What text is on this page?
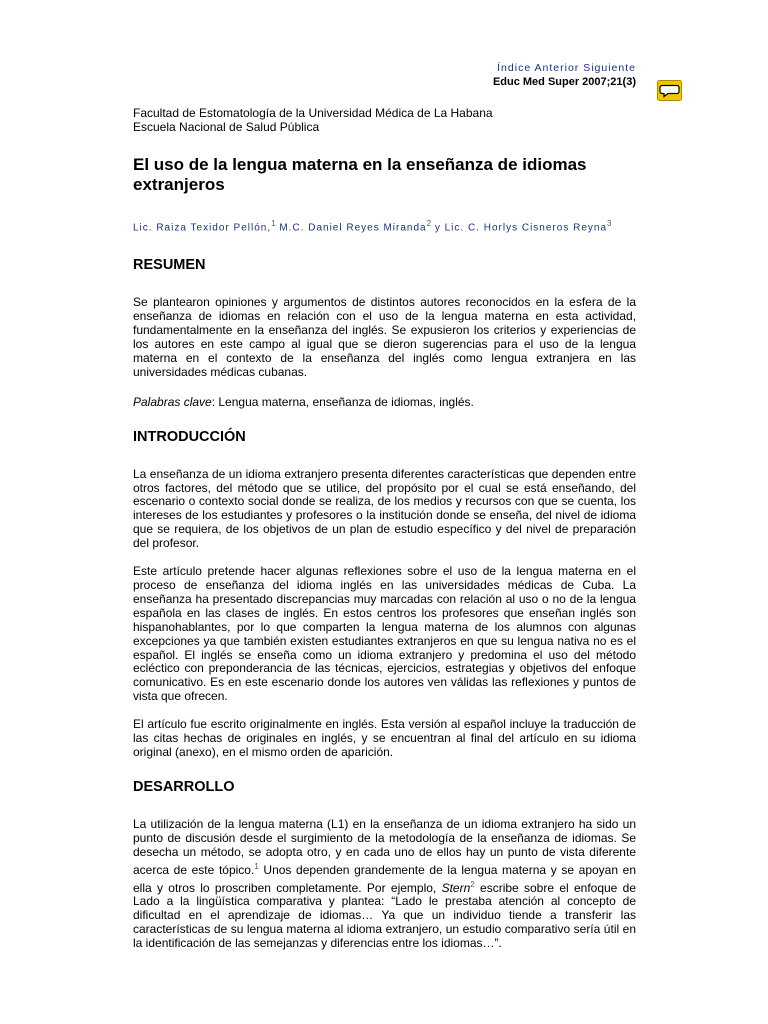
Índice Anterior Siguiente
Educ Med Super 2007;21(3)
Facultad de Estomatología de la Universidad Médica de La Habana
Escuela Nacional de Salud Pública
El uso de la lengua materna en la enseñanza de idiomas extranjeros
Lic. Raiza Texidor Pellón,$^1$ M.C. Daniel Reyes Miranda$^2$ y Lic. C. Horlys Cisneros Reyna$^3$
RESUMEN

Se plantearon opiniones y argumentos de distintos autores reconocidos en la esfera de la enseñanza de idiomas en relación con el uso de la lengua materna en esta actividad, fundamentalmente en la enseñanza del inglés. Se expusieron los criterios y experiencias de los autores en este campo al igual que se dieron sugerencias para el uso de la lengua materna en el contexto de la enseñanza del inglés como lengua extranjera en las universidades médicas cubanas.

Palabras clave: Lengua materna, enseñanza de idiomas, inglés.

INTRODUCCIÓN

La enseñanza de un idioma extranjero presenta diferentes características que dependen entre otros factores, del método que se utilice, del propósito por el cual se está enseñando, del escenario o contexto social donde se realiza, de los medios y recursos con que se cuenta, los intereses de los estudiantes y profesores o la institución donde se enseña, del nivel de idioma que se requiera, de los objetivos de un plan de estudio específico y del nivel de preparación del profesor.

Este artículo pretende hacer algunas reflexiones sobre el uso de la lengua materna en el proceso de enseñanza del idioma inglés en las universidades médicas de Cuba. La enseñanza ha presentado discrepancias muy marcadas con relación al uso o no de la lengua española en las clases de inglés. En estos centros los profesores que enseñan inglés son hispanohablantes, por lo que comparten la lengua materna de los alumnos con algunas excepciones ya que también existen estudiantes extranjeros en que su lengua nativa no es el español. El inglés se enseña como un idioma extranjero y predomina el uso del método ecléctico con preponderancia de las técnicas, ejercicios, estrategias y objetivos del enfoque comunicativo. Es en este escenario donde los autores ven válidas las reflexiones y puntos de vista que ofrecen.

El artículo fue escrito originalmente en inglés. Esta versión al español incluye la traducción de las citas hechas de originales en inglés, y se encuentran al final del artículo en su idioma original (anexo), en el mismo orden de aparición.

DESARROLLO

La utilización de la lengua materna (L1) en la enseñanza de un idioma extranjero ha sido un punto de discusión desde el surgimiento de la metodología de la enseñanza de idiomas. Se desecha un método, se adopta otro, y en cada uno de ellos hay un punto de vista diferente acerca de este tópico.$^1$ Unos dependen grandemente de la lengua materna y se apoyan en ella y otros lo proscriben completamente. Por ejemplo, Stern$^2$ escribe sobre el enfoque de Lado a la lingüística comparativa y plantea: “Lado le prestaba atención al concepto de dificultad en el aprendizaje de idiomas… Ya que un individuo tiende a transferir las características de su lengua materna al idioma extranjero, un estudio comparativo sería útil en la identificación de las semejanzas y diferencias entre los idiomas…”.
